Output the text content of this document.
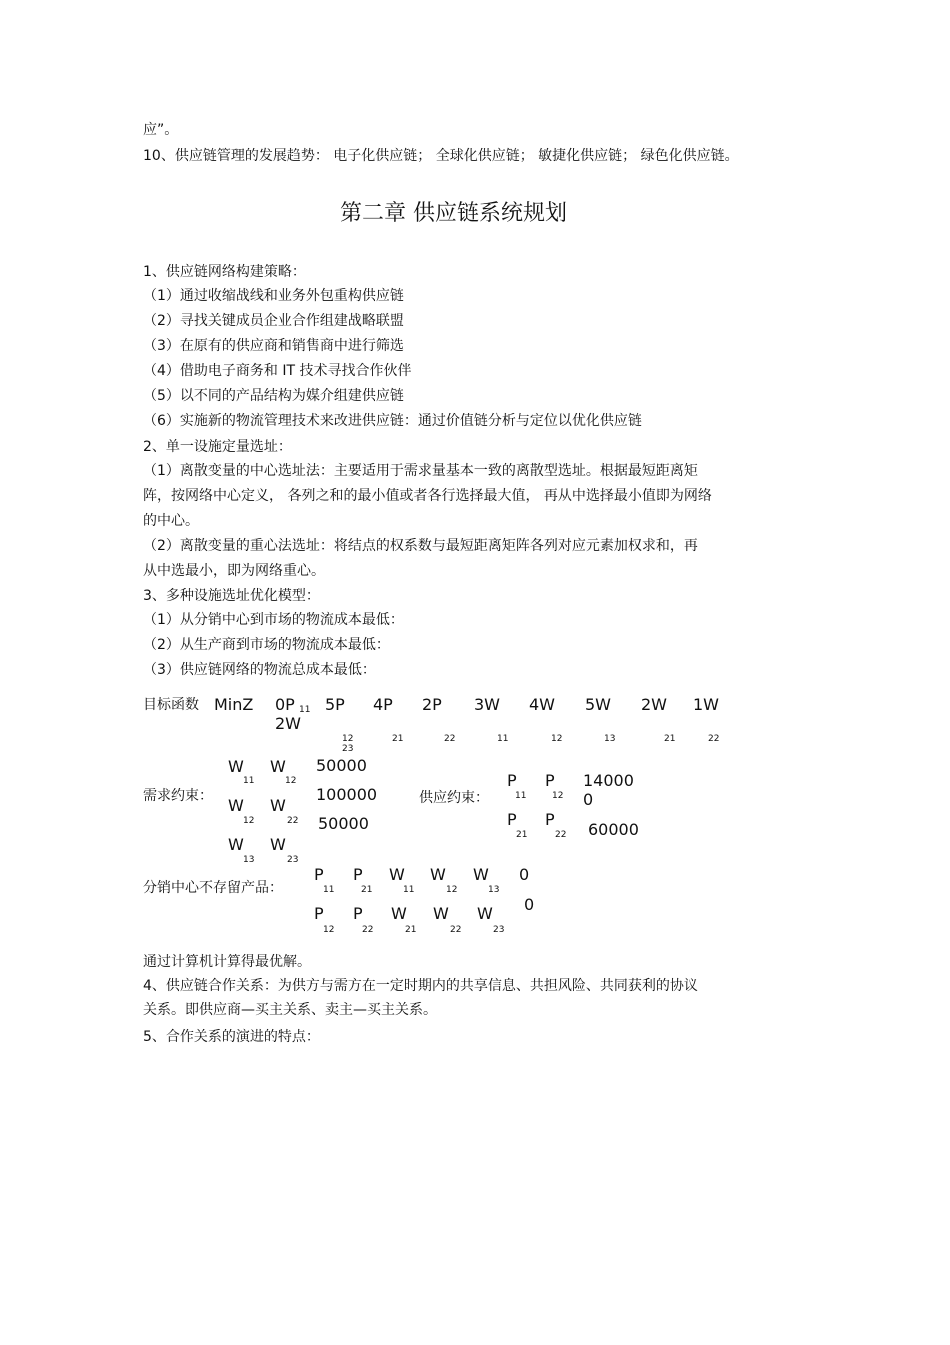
应”。
10、供应链管理的发展趋势： 电子化供应链； 全球化供应链； 敏捷化供应链； 绿色化供应链。
第二章 供应链系统规划
1、供应链网络构建策略：
（1）通过收缩战线和业务外包重构供应链
（2）寻找关键成员企业合作组建战略联盟
（3）在原有的供应商和销售商中进行筛选
（4）借助电子商务和 IT 技术寻找合作伙伴
（5）以不同的产品结构为媒介组建供应链
（6）实施新的物流管理技术来改进供应链：通过价值链分析与定位以优化供应链
2、单一设施定量选址：
（1）离散变量的中心选址法：主要适用于需求量基本一致的离散型选址。根据最短距离矩
阵，按网络中心定义， 各列之和的最小值或者各行选择最大值， 再从中选择最小值即为网络
的中心。
（2）离散变量的重心法选址：将结点的权系数与最短距离矩阵各列对应元素加权求和，再
从中选最小，即为网络重心。
3、多种设施选址优化模型：
（1）从分销中心到市场的物流成本最低：
（2）从生产商到市场的物流成本最低：
（3）供应链网络的物流总成本最低：
目标函数 MinZ 0P 11 5P 4P 2P 3W 4W 5W 2W 1W
2W
12	21	22	11	12	13	21	22
23
需求约束：
W W 50000
11	12
W W
100000
12	22
W W
50000
13	23
供应约束：
P P 14000
0
11	12
P P
60000
21	22
分销中心不存留产品：
P P W W W 0
11	21	11	12	13
P P W W W 0
12	22	21	22	23
通过计算机计算得最优解。
4、供应链合作关系：为供方与需方在一定时期内的共享信息、共担风险、共同获利的协议
关系。即供应商—买主关系、卖主—买主关系。
5、合作关系的演进的特点：
